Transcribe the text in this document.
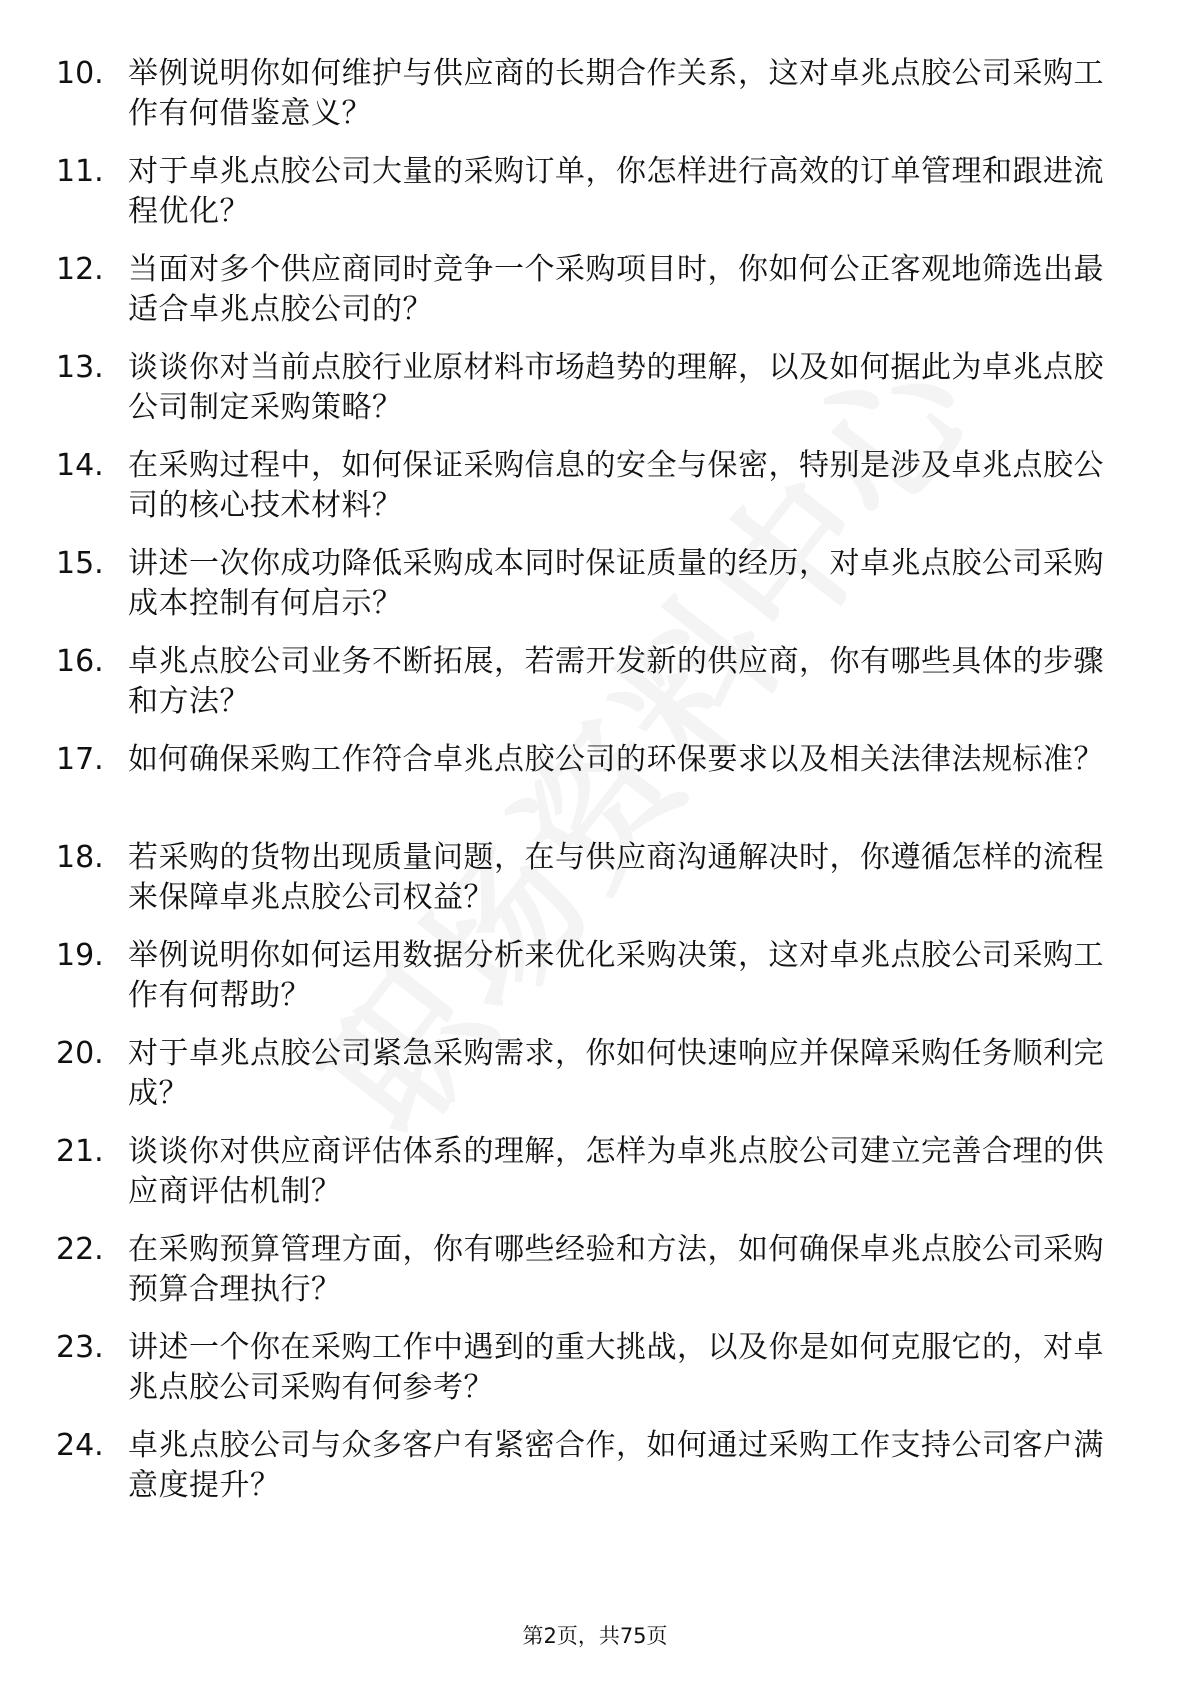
10. 举例说明你如何维护与供应商的长期合作关系，这对卓兆点胶公司采购工作有何借鉴意义？
11. 对于卓兆点胶公司大量的采购订单，你怎样进行高效的订单管理和跟进流程优化？
12. 当面对多个供应商同时竞争一个采购项目时，你如何公正客观地筛选出最适合卓兆点胶公司的？
13. 谈谈你对当前点胶行业原材料市场趋势的理解，以及如何据此为卓兆点胶公司制定采购策略？
14. 在采购过程中，如何保证采购信息的安全与保密，特别是涉及卓兆点胶公司的核心技术材料？
15. 讲述一次你成功降低采购成本同时保证质量的经历，对卓兆点胶公司采购成本控制有何启示？
16. 卓兆点胶公司业务不断拓展，若需开发新的供应商，你有哪些具体的步骤和方法？
17. 如何确保采购工作符合卓兆点胶公司的环保要求以及相关法律法规标准？
18. 若采购的货物出现质量问题，在与供应商沟通解决时，你遵循怎样的流程来保障卓兆点胶公司权益？
19. 举例说明你如何运用数据分析来优化采购决策，这对卓兆点胶公司采购工作有何帮助？
20. 对于卓兆点胶公司紧急采购需求，你如何快速响应并保障采购任务顺利完成？
21. 谈谈你对供应商评估体系的理解，怎样为卓兆点胶公司建立完善合理的供应商评估机制？
22. 在采购预算管理方面，你有哪些经验和方法，如何确保卓兆点胶公司采购预算合理执行？
23. 讲述一个你在采购工作中遇到的重大挑战，以及你是如何克服它的，对卓兆点胶公司采购有何参考？
24. 卓兆点胶公司与众多客户有紧密合作，如何通过采购工作支持公司客户满意度提升？
第2页，共75页
